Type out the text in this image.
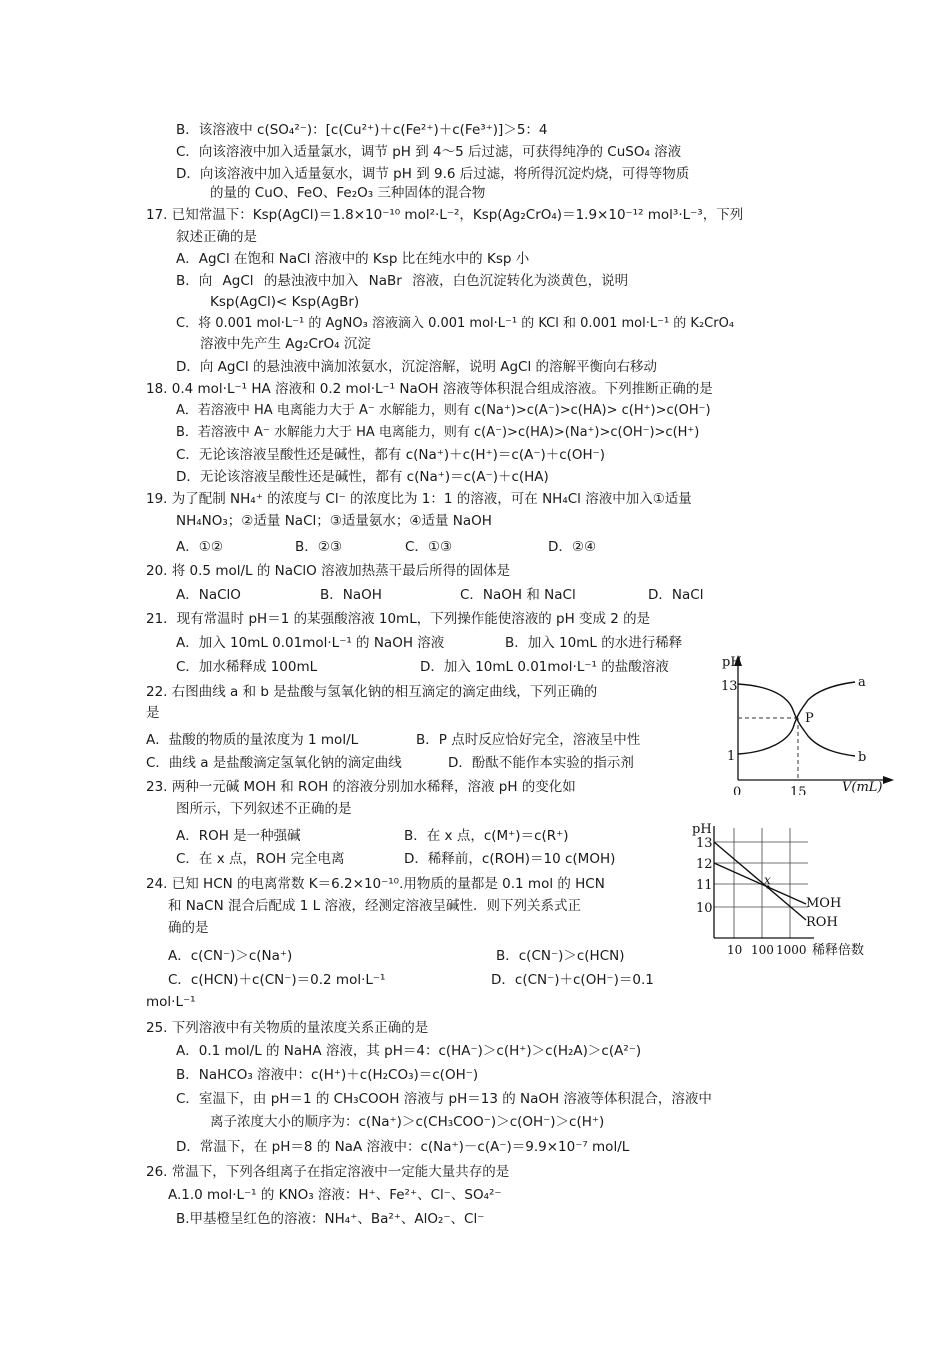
B．该溶液中 c(SO₄²⁻)：[c(Cu²⁺)＋c(Fe²⁺)＋c(Fe³⁺)]＞5：4
C．向该溶液中加入适量氯水，调节 pH 到 4～5 后过滤，可获得纯净的 CuSO₄ 溶液
D．向该溶液中加入适量氨水，调节 pH 到 9.6 后过滤，将所得沉淀灼烧，可得等物质
的量的 CuO、FeO、Fe₂O₃ 三种固体的混合物
17. 已知常温下：Ksp(AgCl)＝1.8×10⁻¹⁰ mol²·L⁻²，Ksp(Ag₂CrO₄)＝1.9×10⁻¹² mol³·L⁻³，下列
叙述正确的是
A．AgCl 在饱和 NaCl 溶液中的 Ksp 比在纯水中的 Ksp 小
B．向 AgCl 的悬浊液中加入 NaBr 溶液，白色沉淀转化为淡黄色，说明
Ksp(AgCl)< Ksp(AgBr)
C．将 0.001 mol·L⁻¹ 的 AgNO₃ 溶液滴入 0.001 mol·L⁻¹ 的 KCl 和 0.001 mol·L⁻¹ 的 K₂CrO₄
溶液中先产生 Ag₂CrO₄ 沉淀
D．向 AgCl 的悬浊液中滴加浓氨水，沉淀溶解，说明 AgCl 的溶解平衡向右移动
18. 0.4 mol·L⁻¹ HA 溶液和 0.2 mol·L⁻¹ NaOH 溶液等体积混合组成溶液。下列推断正确的是
A．若溶液中 HA 电离能力大于 A⁻ 水解能力，则有 c(Na⁺)>c(A⁻)>c(HA)> c(H⁺)>c(OH⁻)
B．若溶液中 A⁻ 水解能力大于 HA 电离能力，则有 c(A⁻)>c(HA)>(Na⁺)>c(OH⁻)>c(H⁺)
C．无论该溶液呈酸性还是碱性，都有 c(Na⁺)＋c(H⁺)＝c(A⁻)＋c(OH⁻)
D．无论该溶液呈酸性还是碱性，都有 c(Na⁺)＝c(A⁻)＋c(HA)
19. 为了配制 NH₄⁺ 的浓度与 Cl⁻ 的浓度比为 1：1 的溶液，可在 NH₄Cl 溶液中加入①适量
NH₄NO₃；②适量 NaCl；③适量氨水；④适量 NaOH
A．①②	B．②③	C．①③	D．②④
20. 将 0.5 mol/L 的 NaClO 溶液加热蒸干最后所得的固体是
A．NaClO	B．NaOH	C．NaOH 和 NaCl	D．NaCl
21．现有常温时 pH＝1 的某强酸溶液 10mL，下列操作能使溶液的 pH 变成 2 的是
A．加入 10mL 0.01mol·L⁻¹ 的 NaOH 溶液	B．加入 10mL 的水进行稀释
C．加水稀释成 100mL	D．加入 10mL 0.01mol·L⁻¹ 的盐酸溶液
22. 右图曲线 a 和 b 是盐酸与氢氧化钠的相互滴定的滴定曲线，下列正确的
是
A．盐酸的物质的量浓度为 1 mol/L	B．P 点时反应恰好完全，溶液呈中性
C．曲线 a 是盐酸滴定氢氧化钠的滴定曲线	D．酚酞不能作本实验的指示剂
23. 两种一元碱 MOH 和 ROH 的溶液分别加水稀释，溶液 pH 的变化如
图所示，下列叙述不正确的是
A．ROH 是一种强碱	B．在 x 点，c(M⁺)＝c(R⁺)
C．在 x 点，ROH 完全电离	D．稀释前，c(ROH)＝10 c(MOH)
24. 已知 HCN 的电离常数 K＝6.2×10⁻¹⁰.用物质的量都是 0.1 mol 的 HCN
和 NaCN 混合后配成 1 L 溶液，经测定溶液呈碱性．则下列关系式正
确的是
A．c(CN⁻)＞c(Na⁺)	B．c(CN⁻)＞c(HCN)
C．c(HCN)＋c(CN⁻)＝0.2 mol·L⁻¹	D．c(CN⁻)＋c(OH⁻)＝0.1
mol·L⁻¹
25. 下列溶液中有关物质的量浓度关系正确的是
A．0.1 mol/L 的 NaHA 溶液，其 pH＝4：c(HA⁻)＞c(H⁺)＞c(H₂A)＞c(A²⁻)
B．NaHCO₃ 溶液中：c(H⁺)＋c(H₂CO₃)＝c(OH⁻)
C．室温下，由 pH＝1 的 CH₃COOH 溶液与 pH＝13 的 NaOH 溶液等体积混合，溶液中
离子浓度大小的顺序为：c(Na⁺)＞c(CH₃COO⁻)＞c(OH⁻)＞c(H⁺)
D．常温下，在 pH＝8 的 NaA 溶液中：c(Na⁺)－c(A⁻)＝9.9×10⁻⁷ mol/L
26. 常温下，下列各组离子在指定溶液中一定能大量共存的是
A.1.0 mol·L⁻¹ 的 KNO₃ 溶液：H⁺、Fe²⁺、Cl⁻、SO₄²⁻
B.甲基橙呈红色的溶液：NH₄⁺、Ba²⁺、AlO₂⁻、Cl⁻
pH
13
1
0	15	V(mL)
a
b
P
pH
13
12
11
10
10 100 1000 稀释倍数
x
MOH
ROH
